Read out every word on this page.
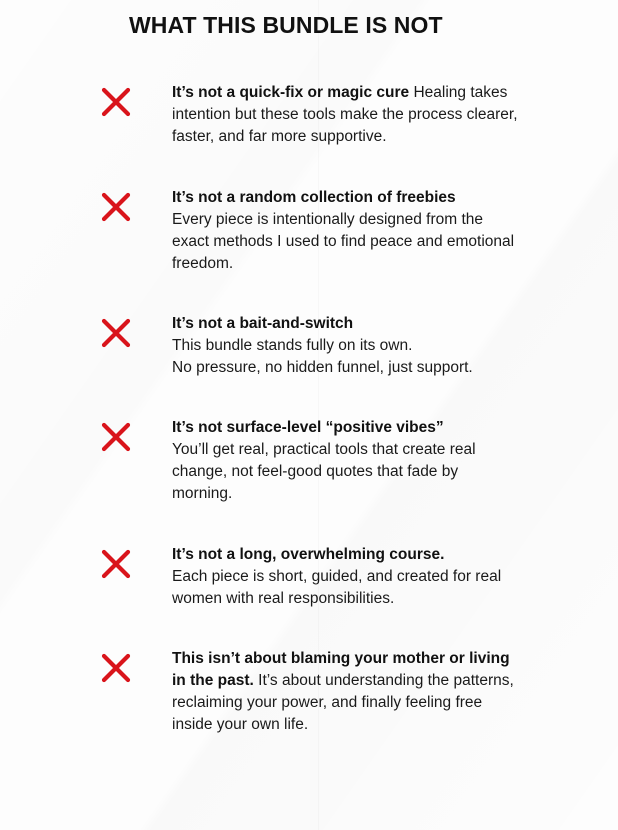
WHAT THIS BUNDLE IS NOT

It’s not a quick-fix or magic cure Healing takes intention but these tools make the process clearer, faster, and far more supportive.

It’s not a random collection of freebies
Every piece is intentionally designed from the exact methods I used to find peace and emotional freedom.

It’s not a bait-and-switch
This bundle stands fully on its own.
No pressure, no hidden funnel, just support.

It’s not surface-level “positive vibes”
You’ll get real, practical tools that create real change, not feel-good quotes that fade by morning.

It’s not a long, overwhelming course.
Each piece is short, guided, and created for real women with real responsibilities.

This isn’t about blaming your mother or living in the past. It’s about understanding the patterns, reclaiming your power, and finally feeling free inside your own life.
